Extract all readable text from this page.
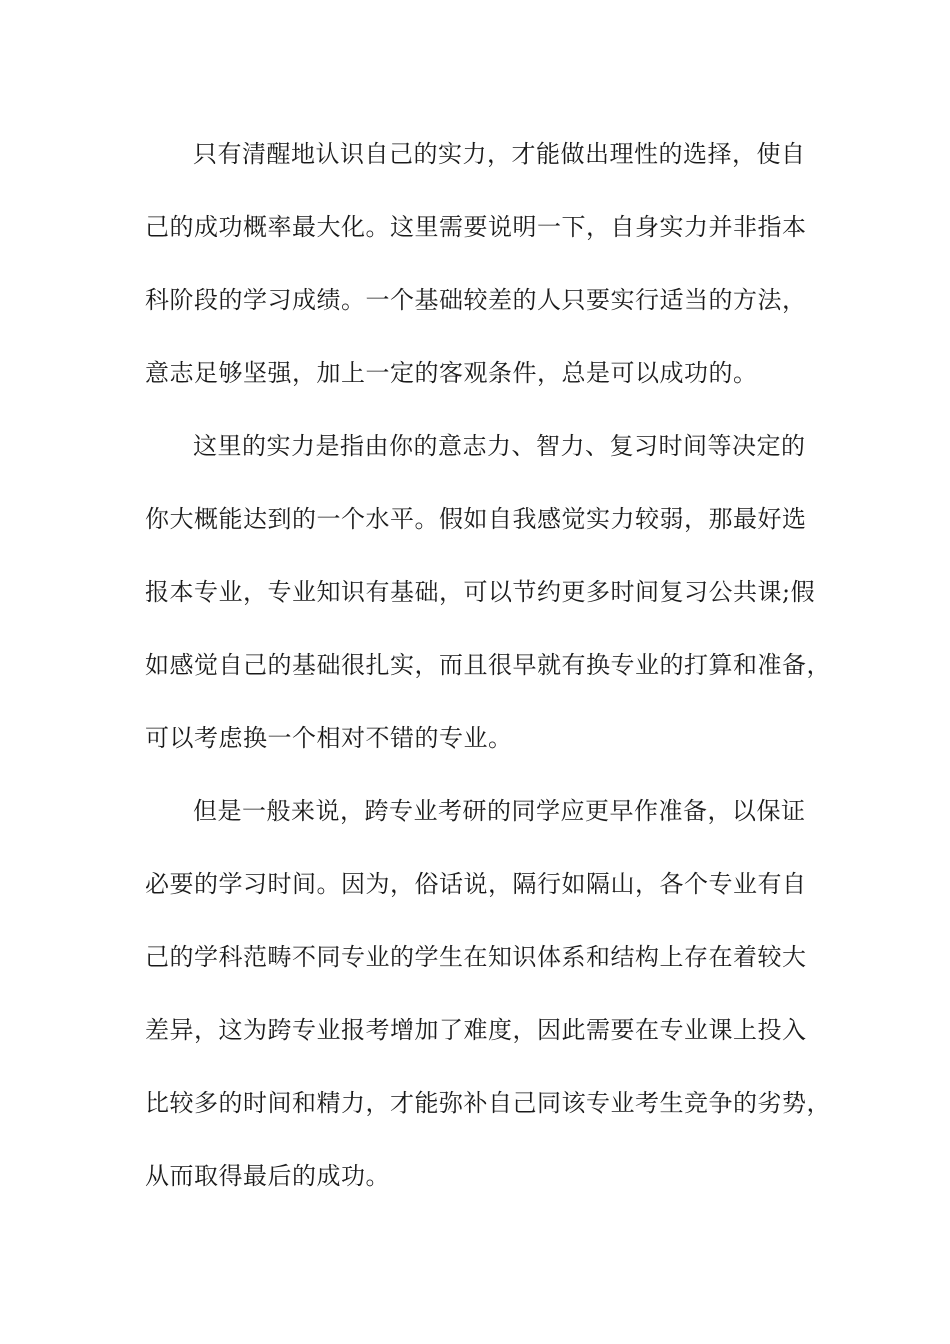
只有清醒地认识自己的实力，才能做出理性的选择，使自
己的成功概率最大化。这里需要说明一下，自身实力并非指本
科阶段的学习成绩。一个基础较差的人只要实行适当的方法，
意志足够坚强，加上一定的客观条件，总是可以成功的。
这里的实力是指由你的意志力、智力、复习时间等决定的
你大概能达到的一个水平。假如自我感觉实力较弱，那最好选
报本专业，专业知识有基础，可以节约更多时间复习公共课;假
如感觉自己的基础很扎实，而且很早就有换专业的打算和准备，
可以考虑换一个相对不错的专业。
但是一般来说，跨专业考研的同学应更早作准备，以保证
必要的学习时间。因为，俗话说，隔行如隔山，各个专业有自
己的学科范畴不同专业的学生在知识体系和结构上存在着较大
差异，这为跨专业报考增加了难度，因此需要在专业课上投入
比较多的时间和精力，才能弥补自己同该专业考生竞争的劣势，
从而取得最后的成功。
